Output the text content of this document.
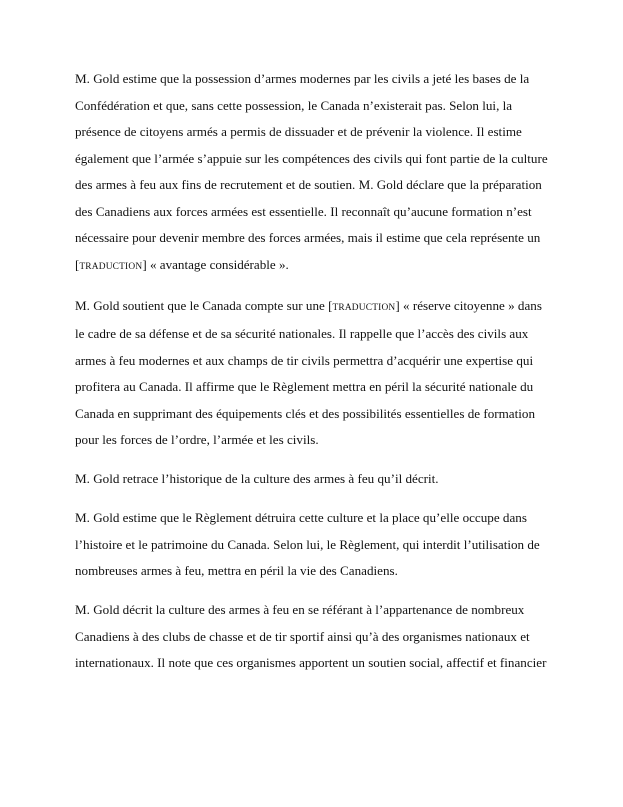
M. Gold estime que la possession d’armes modernes par les civils a jeté les bases de la
Confédération et que, sans cette possession, le Canada n’existerait pas. Selon lui, la
présence de citoyens armés a permis de dissuader et de prévenir la violence. Il estime
également que l’armée s’appuie sur les compétences des civils qui font partie de la culture
des armes à feu aux fins de recrutement et de soutien. M. Gold déclare que la préparation
des Canadiens aux forces armées est essentielle. Il reconnaît qu’aucune formation n’est
nécessaire pour devenir membre des forces armées, mais il estime que cela représente un
[TRADUCTION] « avantage considérable ».

M. Gold soutient que le Canada compte sur une [TRADUCTION] « réserve citoyenne » dans
le cadre de sa défense et de sa sécurité nationales. Il rappelle que l’accès des civils aux
armes à feu modernes et aux champs de tir civils permettra d’acquérir une expertise qui
profitera au Canada. Il affirme que le Règlement mettra en péril la sécurité nationale du
Canada en supprimant des équipements clés et des possibilités essentielles de formation
pour les forces de l’ordre, l’armée et les civils.

M. Gold retrace l’historique de la culture des armes à feu qu’il décrit.

M. Gold estime que le Règlement détruira cette culture et la place qu’elle occupe dans
l’histoire et le patrimoine du Canada. Selon lui, le Règlement, qui interdit l’utilisation de
nombreuses armes à feu, mettra en péril la vie des Canadiens.

M. Gold décrit la culture des armes à feu en se référant à l’appartenance de nombreux
Canadiens à des clubs de chasse et de tir sportif ainsi qu’à des organismes nationaux et
internationaux. Il note que ces organismes apportent un soutien social, affectif et financier
